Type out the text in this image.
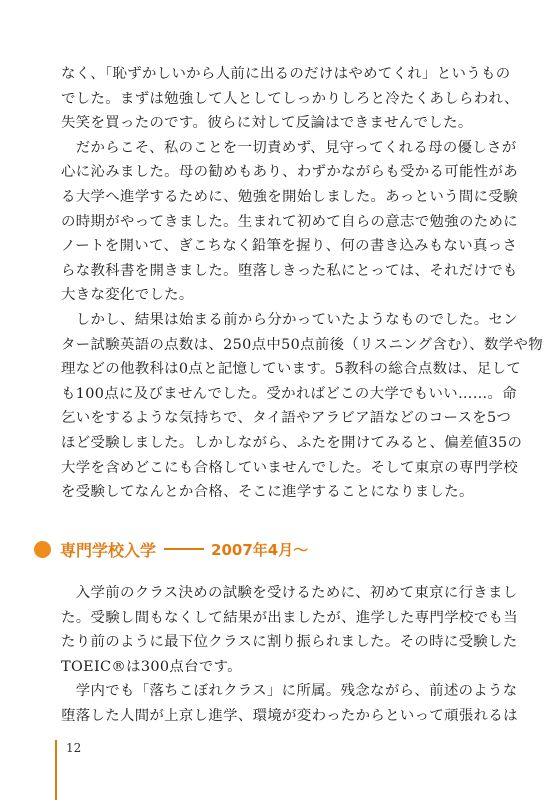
なく、「恥ずかしいから人前に出るのだけはやめてくれ」というもの
でした。まずは勉強して人としてしっかりしろと冷たくあしらわれ、
失笑を買ったのです。彼らに対して反論はできませんでした。
　だからこそ、私のことを一切責めず、見守ってくれる母の優しさが
心に沁みました。母の勧めもあり、わずかながらも受かる可能性があ
る大学へ進学するために、勉強を開始しました。あっという間に受験
の時期がやってきました。生まれて初めて自らの意志で勉強のために
ノートを開いて、ぎこちなく鉛筆を握り、何の書き込みもない真っさ
らな教科書を開きました。堕落しきった私にとっては、それだけでも
大きな変化でした。
　しかし、結果は始まる前から分かっていたようなものでした。セン
ター試験英語の点数は、250点中50点前後（リスニング含む）、数学や物
理などの他教科は0点と記憶しています。5教科の総合点数は、足して
も100点に及びませんでした。受かればどこの大学でもいい……。命
乞いをするような気持ちで、タイ語やアラビア語などのコースを5つ
ほど受験しました。しかしながら、ふたを開けてみると、偏差値35の
大学を含めどこにも合格していませんでした。そして東京の専門学校
を受験してなんとか合格、そこに進学することになりました。
専門学校入学	2007年4月〜
　入学前のクラス決めの試験を受けるために、初めて東京に行きまし
た。受験し間もなくして結果が出ましたが、進学した専門学校でも当
たり前のように最下位クラスに割り振られました。その時に受験した
TOEIC®は300点台です。
　学内でも「落ちこぼれクラス」に所属。残念ながら、前述のような
堕落した人間が上京し進学、環境が変わったからといって頑張れるは
12
